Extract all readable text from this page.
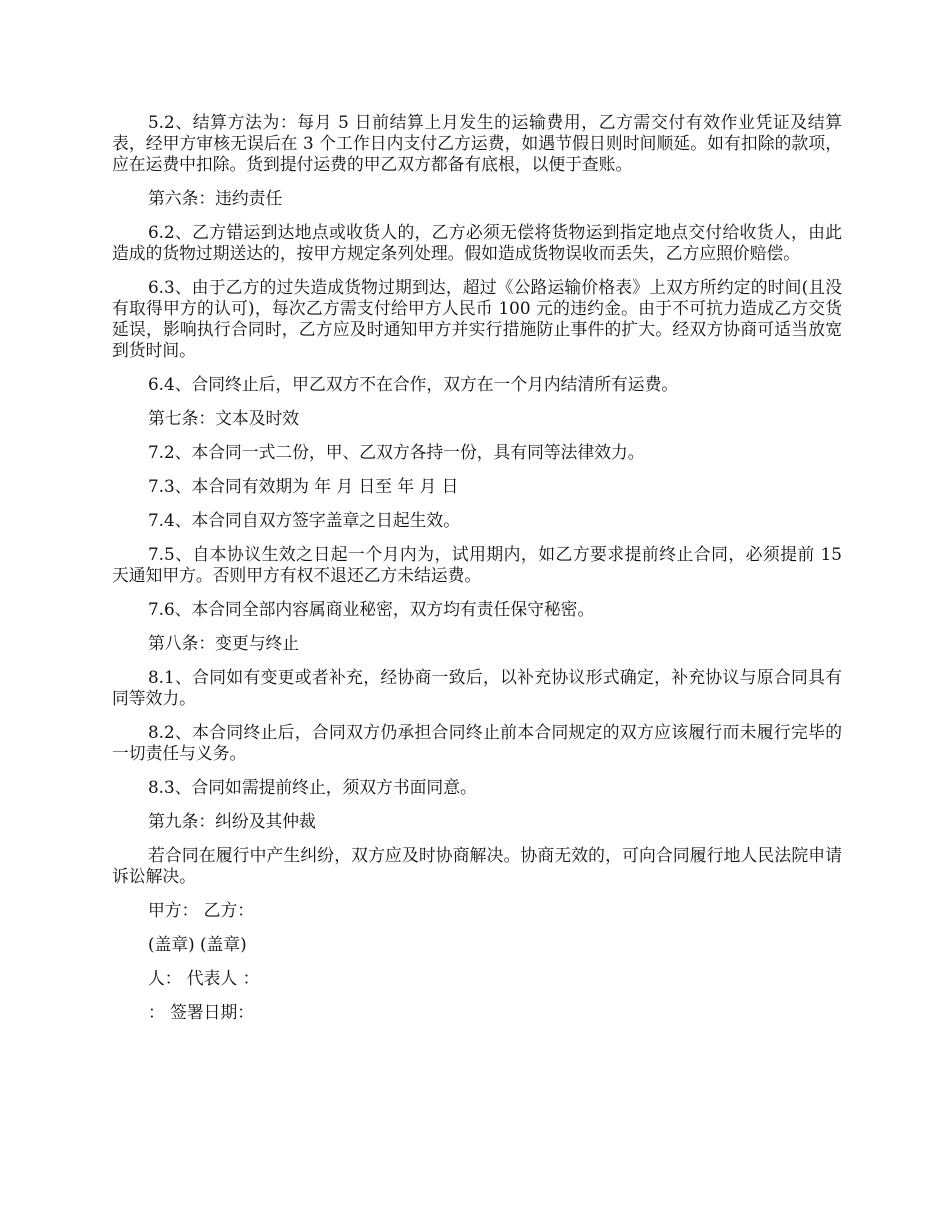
5.2、结算方法为：每月 5 日前结算上月发生的运输费用，乙方需交付有效作业凭证及结算表，经甲方审核无误后在 3 个工作日内支付乙方运费，如遇节假日则时间顺延。如有扣除的款项，应在运费中扣除。货到提付运费的甲乙双方都备有底根，以便于查账。

第六条：违约责任

6.2、乙方错运到达地点或收货人的，乙方必须无偿将货物运到指定地点交付给收货人，由此造成的货物过期送达的，按甲方规定条列处理。假如造成货物误收而丢失，乙方应照价赔偿。

6.3、由于乙方的过失造成货物过期到达，超过《公路运输价格表》上双方所约定的时间(且没有取得甲方的认可)，每次乙方需支付给甲方人民币 100 元的违约金。由于不可抗力造成乙方交货延误，影响执行合同时，乙方应及时通知甲方并实行措施防止事件的扩大。经双方协商可适当放宽到货时间。

6.4、合同终止后，甲乙双方不在合作，双方在一个月内结清所有运费。

第七条：文本及时效

7.2、本合同一式二份，甲、乙双方各持一份，具有同等法律效力。

7.3、本合同有效期为 年 月 日至 年 月 日

7.4、本合同自双方签字盖章之日起生效。

7.5、自本协议生效之日起一个月内为，试用期内，如乙方要求提前终止合同，必须提前 15 天通知甲方。否则甲方有权不退还乙方未结运费。

7.6、本合同全部内容属商业秘密，双方均有责任保守秘密。

第八条：变更与终止

8.1、合同如有变更或者补充，经协商一致后，以补充协议形式确定，补充协议与原合同具有同等效力。

8.2、本合同终止后，合同双方仍承担合同终止前本合同规定的双方应该履行而未履行完毕的一切责任与义务。

8.3、合同如需提前终止，须双方书面同意。

第九条：纠纷及其仲裁

若合同在履行中产生纠纷，双方应及时协商解决。协商无效的，可向合同履行地人民法院申请诉讼解决。

甲方： 乙方：

(盖章) (盖章)

人： 代表人 ：

： 签署日期：
